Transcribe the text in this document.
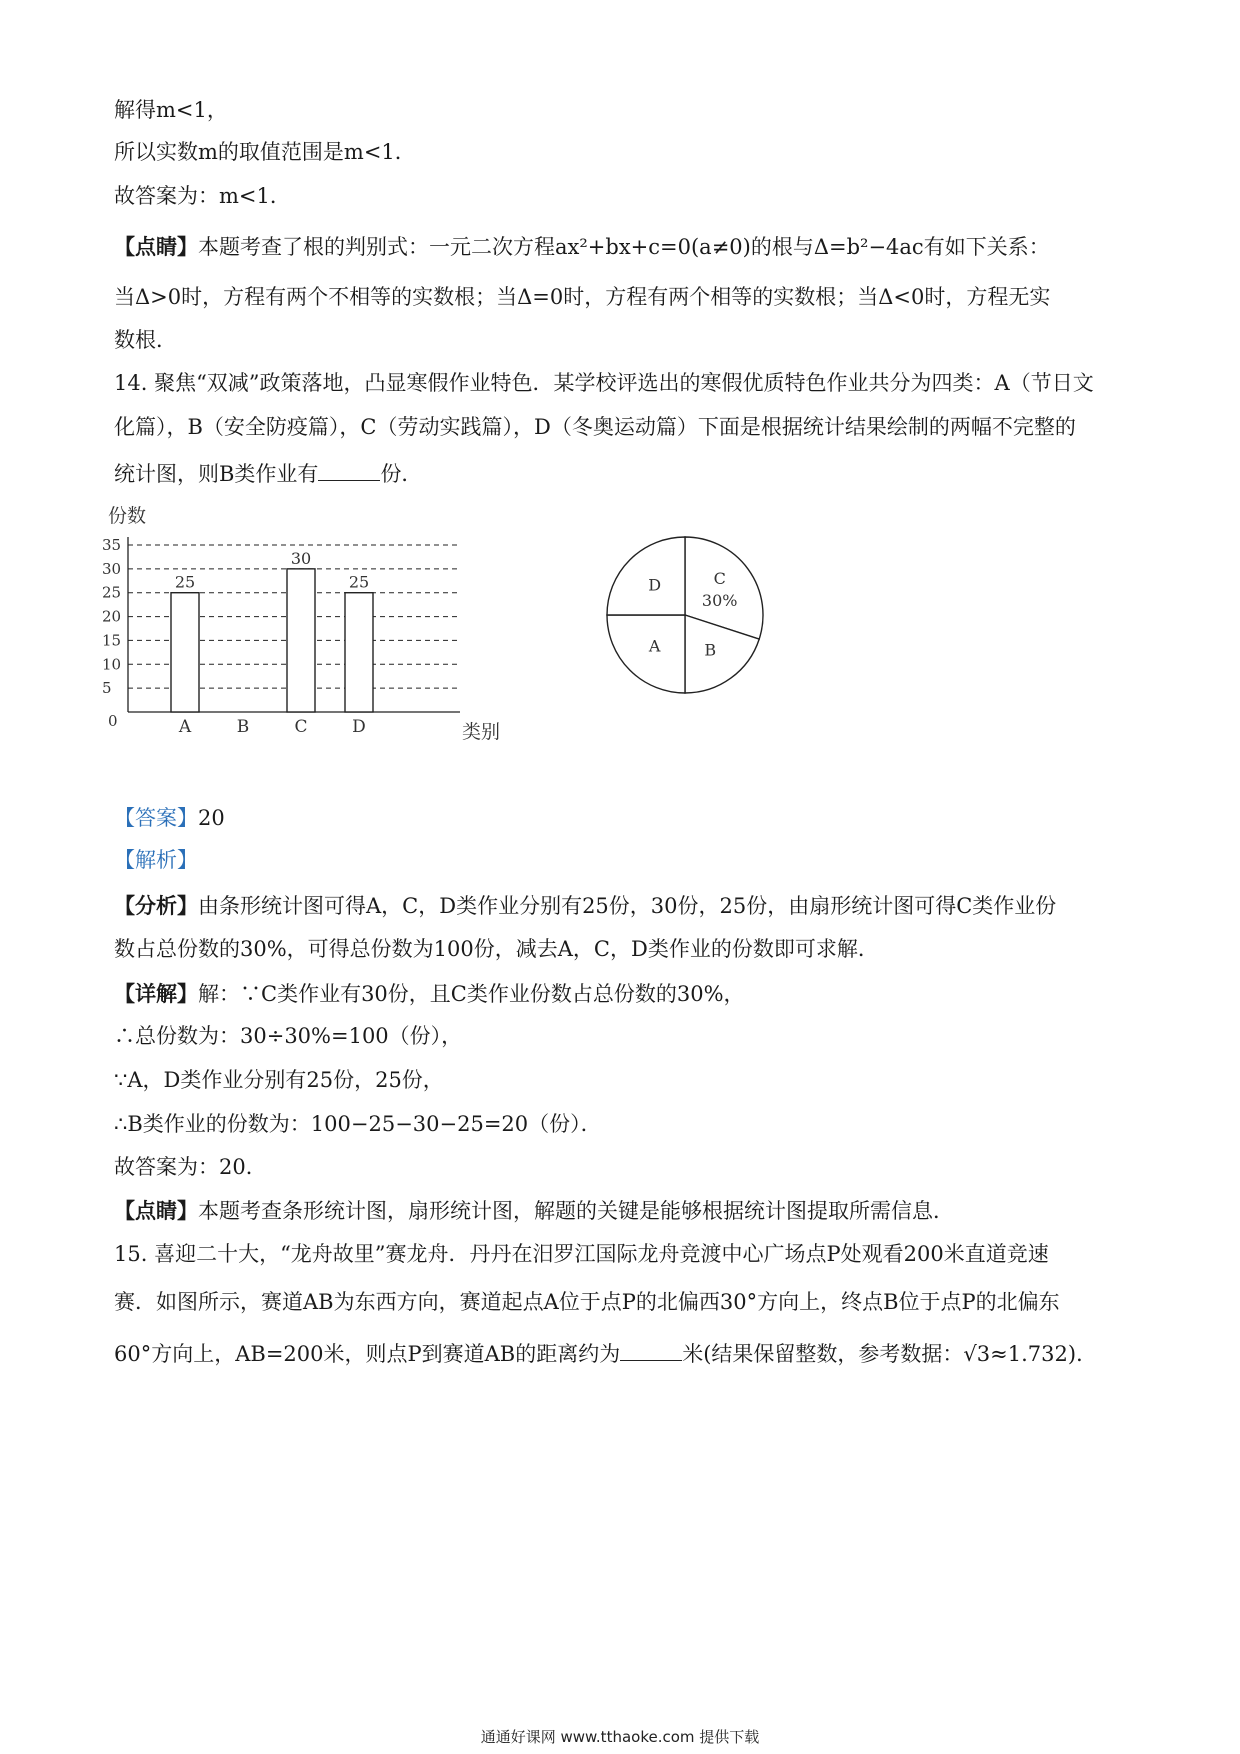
解得m<1，
所以实数m的取值范围是m<1．
故答案为：m<1．
【点睛】本题考查了根的判别式：一元二次方程ax²+bx+c=0(a≠0)的根与Δ=b²−4ac有如下关系：
当Δ>0时，方程有两个不相等的实数根；当Δ=0时，方程有两个相等的实数根；当Δ<0时，方程无实
数根．
14. 聚焦“双减”政策落地，凸显寒假作业特色．某学校评选出的寒假优质特色作业共分为四类：A（节日文
化篇），B（安全防疫篇），C（劳动实践篇），D（冬奥运动篇）下面是根据统计结果绘制的两幅不完整的
统计图，则B类作业有	份．
0
5
10
15
20
25
30
35
25
A	B
30
C
25
D
份数
类别
C
30%
B
A
D
【答案】20
【解析】
【分析】由条形统计图可得A，C，D类作业分别有25份，30份，25份，由扇形统计图可得C类作业份
数占总份数的30%，可得总份数为100份，减去A，C，D类作业的份数即可求解．
【详解】解：∵C类作业有30份，且C类作业份数占总份数的30%，
∴总份数为：30÷30%=100（份），
∵A，D类作业分别有25份，25份，
∴B类作业的份数为：100−25−30−25=20（份）．
故答案为：20．
【点睛】本题考查条形统计图，扇形统计图，解题的关键是能够根据统计图提取所需信息．
15. 喜迎二十大，“龙舟故里”赛龙舟．丹丹在汨罗江国际龙舟竞渡中心广场点P处观看200米直道竞速
赛．如图所示，赛道AB为东西方向，赛道起点A位于点P的北偏西30°方向上，终点B位于点P的北偏东
60°方向上，AB=200米，则点P到赛道AB的距离约为	米(结果保留整数，参考数据：√3≈1.732)．
通通好课网 www.tthaoke.com 提供下载
